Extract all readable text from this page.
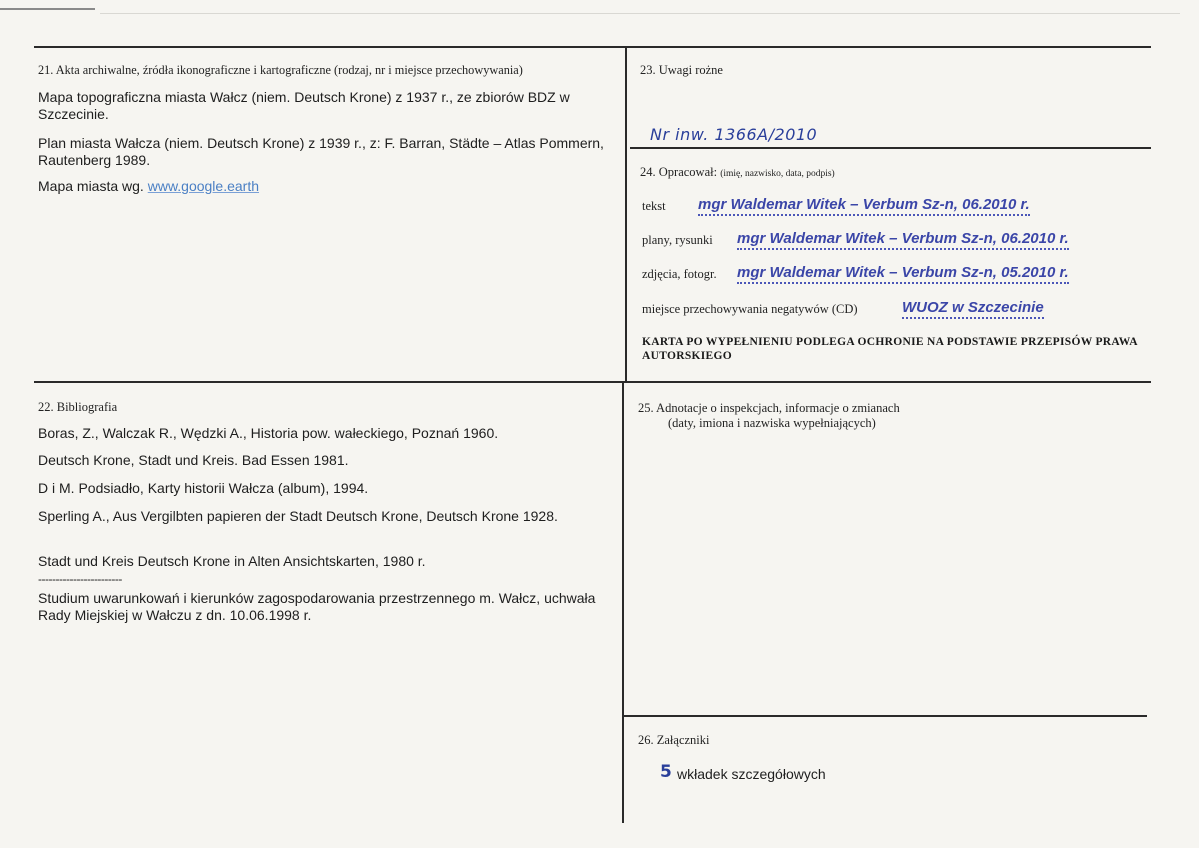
21. Akta archiwalne, źródła ikonograficzne i kartograficzne (rodzaj, nr i miejsce przechowywania)
Mapa topograficzna miasta Wałcz (niem. Deutsch Krone) z 1937 r., ze zbiorów BDZ w Szczecinie.
Plan miasta Wałcza (niem. Deutsch Krone) z 1939 r., z: F. Barran, Städte – Atlas Pommern, Rautenberg 1989.
Mapa miasta wg. www.google.earth
23. Uwagi rożne
Nr inw. 1366A/2010
24. Opracował: (imię, nazwisko, data, podpis)
tekst mgr Waldemar Witek – Verbum Sz-n, 06.2010 r.
plany, rysunki mgr Waldemar Witek – Verbum Sz-n, 06.2010 r.
zdjęcia, fotogr. mgr Waldemar Witek – Verbum Sz-n, 05.2010 r.
miejsce przechowywania negatywów (CD)	WUOZ w Szczecinie
KARTA PO WYPEŁNIENIU PODLEGA OCHRONIE NA PODSTAWIE PRZEPISÓW PRAWA AUTORSKIEGO
22. Bibliografia
Boras, Z., Walczak R., Wędzki A., Historia pow. wałeckiego, Poznań 1960.
Deutsch Krone, Stadt und Kreis. Bad Essen 1981.
D i M. Podsiadło, Karty historii Wałcza (album), 1994.
Sperling A., Aus Vergilbten papieren der Stadt Deutsch Krone, Deutsch Krone 1928.
Stadt und Kreis Deutsch Krone in Alten Ansichtskarten, 1980 r.
------------------------
Studium uwarunkowań i kierunków zagospodarowania przestrzennego m. Wałcz, uchwała Rady Miejskiej w Wałczu z dn. 10.06.1998 r.
25. Adnotacje o inspekcjach, informacje o zmianach
(daty, imiona i nazwiska wypełniających)
26. Załączniki
5 wkładek szczegółowych
